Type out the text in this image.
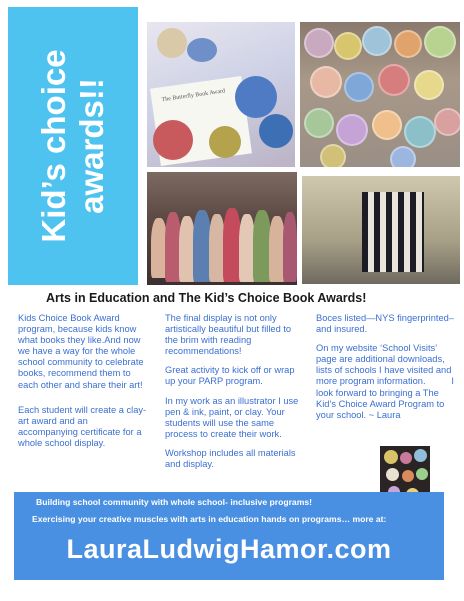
Kid’s choice awards!!	The Butterfly Book Award
Arts in Education and The Kid’s Choice Book Awards!

Kids Choice Book Award program, because kids know what books they like.And now we have a way for the whole school community to celebrate books, recommend them to each other and share their art!

Each student will create a clay-art award and an accompanying certificate for a whole school display.

The final display is not only artistically beautiful but filled to the brim with reading recommendations!

Great activity to kick off or wrap up your PARP program.

In my work as an illustrator I use pen & ink, paint, or clay. Your students will use the same process to create their work.

Workshop includes all materials and display.

Boces listed—NYS fingerprinted– and insured.

On my website ‘School Visits’ page are additional downloads, lists of schools I have visited and more program information.          I look forward to bringing a The Kid’s Choice Award Program to your school. ~ Laura

Building school community with whole school- inclusive programs!
Exercising your creative muscles with arts in education hands on programs… more at:
LauraLudwigHamor.com
